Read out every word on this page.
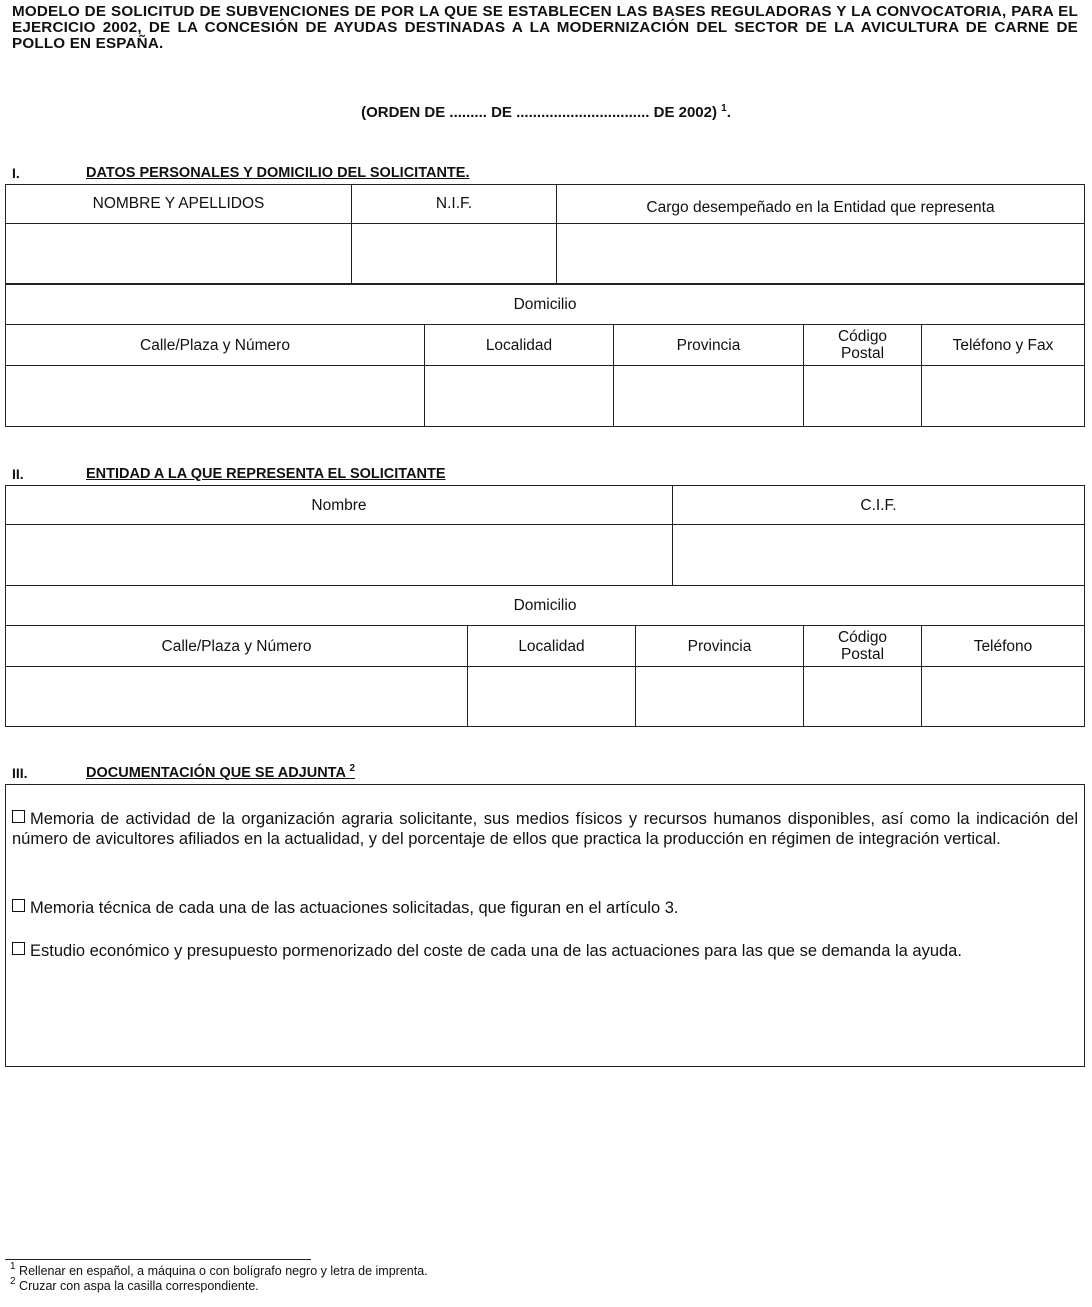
MODELO DE SOLICITUD DE SUBVENCIONES DE POR LA QUE SE ESTABLECEN LAS BASES REGULADORAS Y LA CONVOCATORIA, PARA EL EJERCICIO 2002, DE LA CONCESIÓN DE AYUDAS DESTINADAS A LA MODERNIZACIÓN DEL SECTOR DE LA AVICULTURA DE CARNE DE POLLO EN ESPAÑA.
(ORDEN DE ......... DE ................................ DE 2002) $^1$.
I.	DATOS PERSONALES Y DOMICILIO DEL SOLICITANTE.
NOMBRE Y APELLIDOS	N.I.F.	Cargo desempeñado en la Entidad que representa

Domicilio				
Calle/Plaza y Número	Localidad	Provincia	Código Postal	Teléfono y Fax

II.	ENTIDAD A LA QUE REPRESENTA EL SOLICITANTE
Nombre	C.I.F.

Domicilio				
Calle/Plaza y Número	Localidad	Provincia	Código Postal	Teléfono

III.	DOCUMENTACIÓN QUE SE ADJUNTA $^2$
Memoria de actividad de la organización agraria solicitante, sus medios físicos y recursos humanos disponibles, así como la indicación del número de avicultores afiliados en la actualidad, y del porcentaje de ellos que practica la producción en régimen de integración vertical.
Memoria técnica de cada una de las actuaciones solicitadas, que figuran en el artículo 3.
Estudio económico y presupuesto pormenorizado del coste de cada una de las actuaciones para las que se demanda la ayuda.
$^1$ Rellenar en español, a máquina o con bolígrafo negro y letra de imprenta.
$^2$ Cruzar con aspa la casilla correspondiente.
